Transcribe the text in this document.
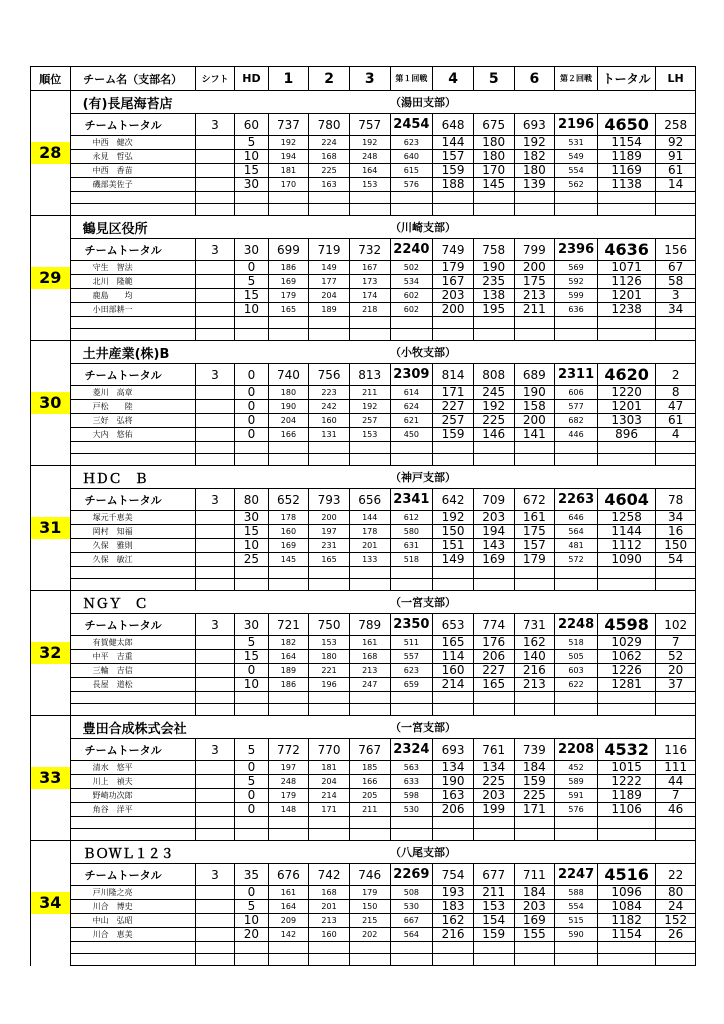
順位	チーム名（支部名）	シフト	HD	1	2	3	第１回戦	4	5	6	第２回戦	トータル	LH

28	(有)長尾海苔店						（湯田支部）						
	チームトータル	3	60	737	780	757	2454	648	675	693	2196	4650	258
	中西　健次		5	192	224	192	623	144	180	192	531	1154	92
	永見　哲弘		10	194	168	248	640	157	180	182	549	1189	91
	中西　香苗		15	181	225	164	615	159	170	180	554	1169	61
	磯部美佐子		30	170	163	153	576	188	145	139	562	1138	14

29	鶴見区役所						（川崎支部）						
	チームトータル	3	30	699	719	732	2240	749	758	799	2396	4636	156
	守生　智法		0	186	149	167	502	179	190	200	569	1071	67
	北川　隆範		5	169	177	173	534	167	235	175	592	1126	58
	鹿島　　均		15	179	204	174	602	203	138	213	599	1201	3
	小田部耕一		10	165	189	218	602	200	195	211	636	1238	34

30	土井産業(株)B						（小牧支部）						
	チームトータル	3	0	740	756	813	2309	814	808	689	2311	4620	2
	菱川　高章		0	180	223	211	614	171	245	190	606	1220	8
	戸松　　陸		0	190	242	192	624	227	192	158	577	1201	47
	三好　弘将		0	204	160	257	621	257	225	200	682	1303	61
	大内　悠佑		0	166	131	153	450	159	146	141	446	896	4

31	ＨＤＣ　Ｂ						（神戸支部）						
	チームトータル	3	80	652	793	656	2341	642	709	672	2263	4604	78
	塚元千恵美		30	178	200	144	612	192	203	161	646	1258	34
	岡村　知福		15	160	197	178	580	150	194	175	564	1144	16
	久保　雅則		10	169	231	201	631	151	143	157	481	1112	150
	久保　敏江		25	145	165	133	518	149	169	179	572	1090	54

32	ＮＧＹ　Ｃ						（一宮支部）						
	チームトータル	3	30	721	750	789	2350	653	774	731	2248	4598	102
	有賀健太郎		5	182	153	161	511	165	176	162	518	1029	7
	中平　吉重		15	164	180	168	557	114	206	140	505	1062	52
	三輪　吉信		0	189	221	213	623	160	227	216	603	1226	20
	長屋　道松		10	186	196	247	659	214	165	213	622	1281	37

33	豊田合成株式会社						（一宮支部）						
	チームトータル	3	5	772	770	767	2324	693	761	739	2208	4532	116
	清水　悠平		0	197	181	185	563	134	134	184	452	1015	111
	川上　禎夫		5	248	204	166	633	190	225	159	589	1222	44
	野崎功次郎		0	179	214	205	598	163	203	225	591	1189	7
	角谷　洋平		0	148	171	211	530	206	199	171	576	1106	46

34	ＢＯＷＬ１２３						（八尾支部）						
	チームトータル	3	35	676	742	746	2269	754	677	711	2247	4516	22
	戸川隆之亮		0	161	168	179	508	193	211	184	588	1096	80
	川合　博史		5	164	201	150	530	183	153	203	554	1084	24
	中山　弘昭		10	209	213	215	667	162	154	169	515	1182	152
	川合　恵美		20	142	160	202	564	216	159	155	590	1154	26
